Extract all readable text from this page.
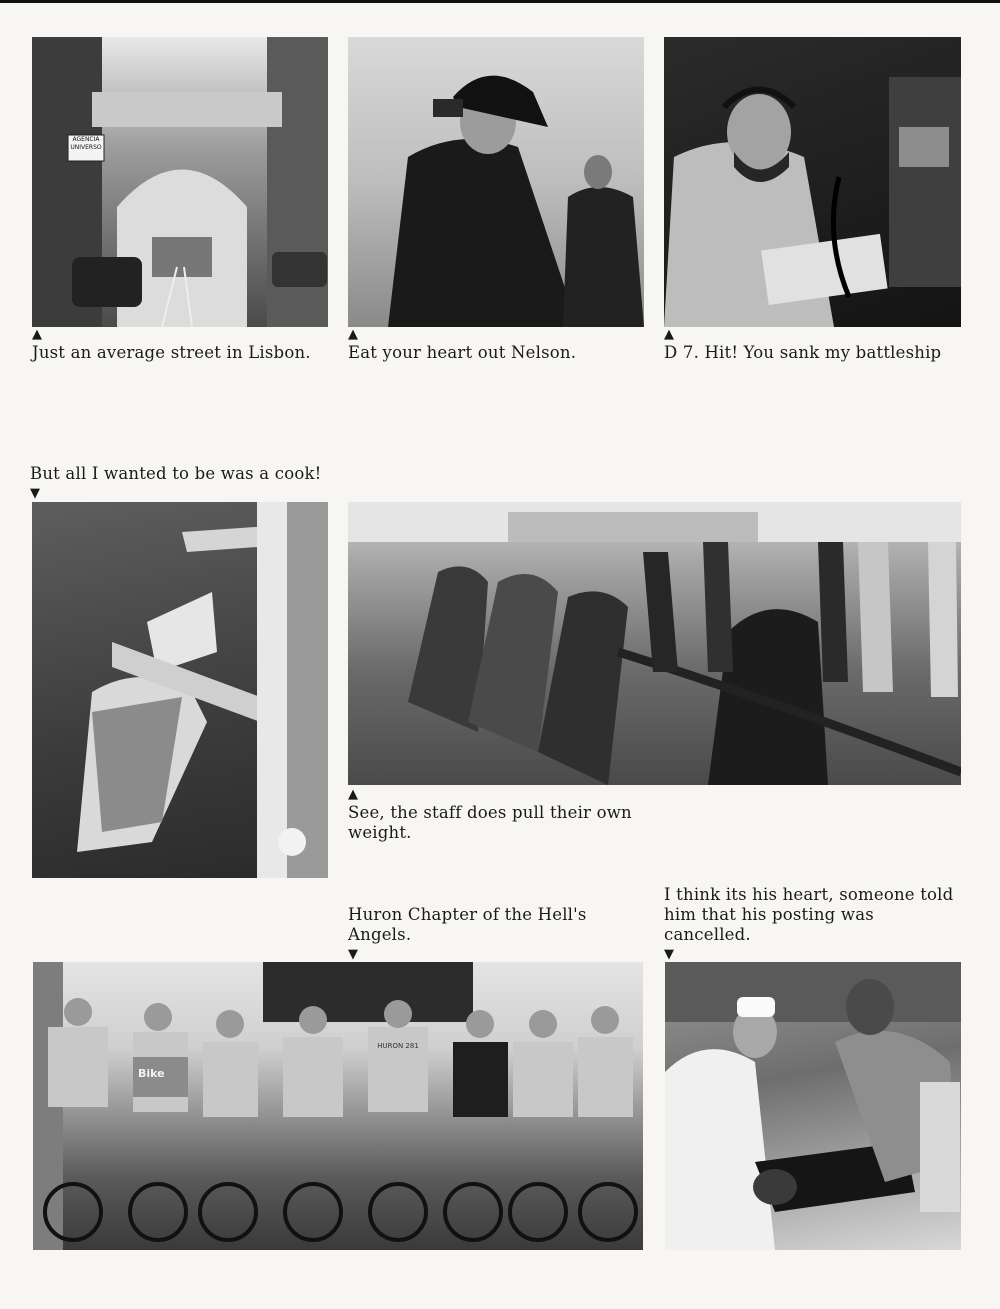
AGENCIA UNIVERSO
▲
Just an average street in Lisbon.
▲
Eat your heart out Nelson.
▲
D 7. Hit! You sank my battleship
But all I wanted to be was a cook!
▼
▲
See, the staff does pull their own weight.
Huron Chapter of the Hell's Angels.
▼
I think its his heart, someone told him that his posting was cancelled.
▼
Bike
HURON 281
